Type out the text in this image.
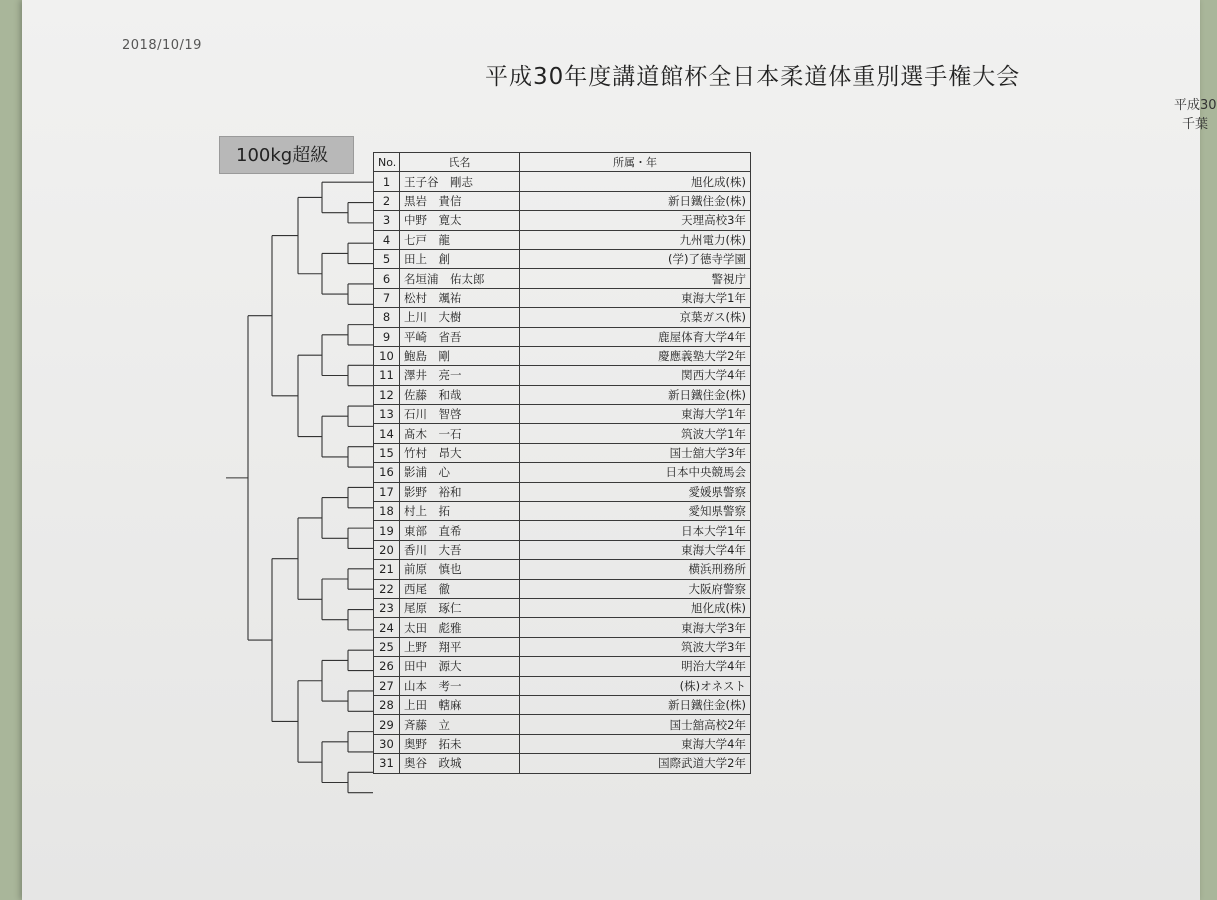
2018/10/19
平成30年度講道館杯全日本柔道体重別選手権大会
平成30
千葉
100kg超級	No.	氏名	所属・年
1	王子谷　剛志	旭化成(株)
2	黒岩　貴信	新日鐵住金(株)
3	中野　寛太	天理高校3年
4	七戸　龍	九州電力(株)
5	田上　創	(学)了德寺学園
6	名垣浦　佑太郎	警視庁
7	松村　颯祐	東海大学1年
8	上川　大樹	京葉ガス(株)
9	平崎　省吾	鹿屋体育大学4年
10	鮑島　剛	慶應義塾大学2年
11	澤井　亮一	関西大学4年
12	佐藤　和哉	新日鐵住金(株)
13	石川　智啓	東海大学1年
14	髙木　一石	筑波大学1年
15	竹村　昂大	国士舘大学3年
16	影浦　心	日本中央競馬会
17	影野　裕和	愛媛県警察
18	村上　拓	愛知県警察
19	東部　直希	日本大学1年
20	香川　大吾	東海大学4年
21	前原　慎也	横浜刑務所
22	西尾　徹	大阪府警察
23	尾原　琢仁	旭化成(株)
24	太田　彪雅	東海大学3年
25	上野　翔平	筑波大学3年
26	田中　源大	明治大学4年
27	山本　考一	(株)オネスト
28	上田　轄麻	新日鐵住金(株)
29	斉藤　立	国士舘高校2年
30	奥野　拓未	東海大学4年
31	奥谷　政城	国際武道大学2年
